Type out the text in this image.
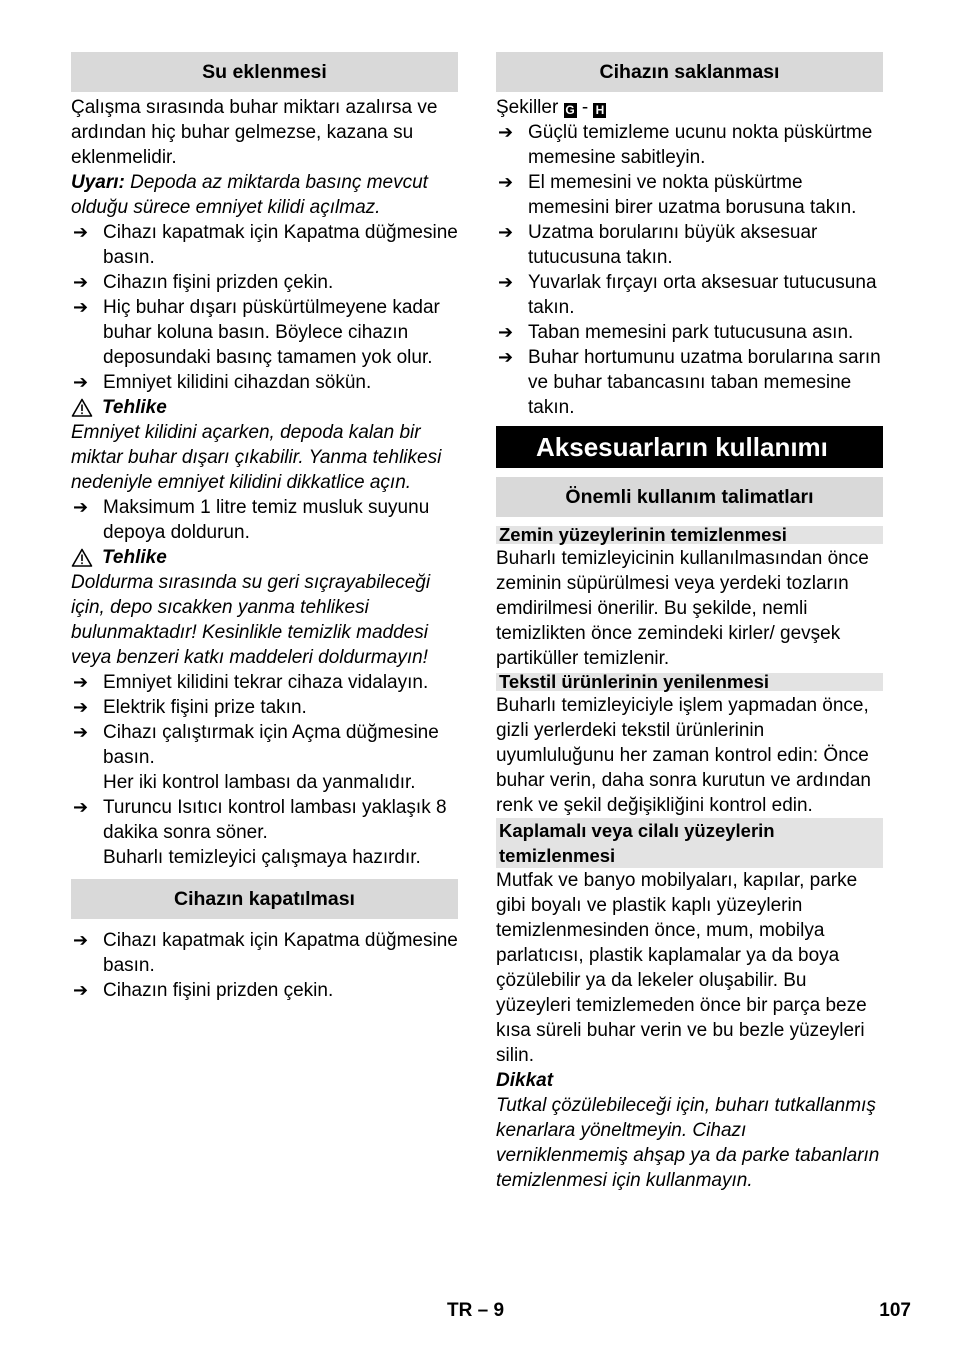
Su eklenmesi

Çalışma sırasında buhar miktarı azalırsa ve ardından hiç buhar gelmezse, kazana su eklenmelidir.

Uyarı: Depoda az miktarda basınç mevcut olduğu sürece emniyet kilidi açılmaz.

➔ Cihazı kapatmak için Kapatma düğmesine basın.
➔ Cihazın fişini prizden çekin.
➔ Hiç buhar dışarı püskürtülmeyene kadar buhar koluna basın. Böylece cihazın deposundaki basınç tamamen yok olur.
➔ Emniyet kilidini cihazdan sökün.
Tehlike

Emniyet kilidini açarken, depoda kalan bir miktar buhar dışarı çıkabilir. Yanma tehlikesi nedeniyle emniyet kilidini dikkatlice açın.

➔ Maksimum 1 litre temiz musluk suyunu depoya doldurun.
Tehlike

Doldurma sırasında su geri sıçrayabileceği için, depo sıcakken yanma tehlikesi bulunmaktadır! Kesinlikle temizlik maddesi veya benzeri katkı maddeleri doldurmayın!

➔ Emniyet kilidini tekrar cihaza vidalayın.
➔ Elektrik fişini prize takın.
➔ Cihazı çalıştırmak için Açma düğmesine basın.

Her iki kontrol lambası da yanmalıdır.

➔ Turuncu Isıtıcı kontrol lambası yaklaşık 8 dakika sonra söner.

Buharlı temizleyici çalışmaya hazırdır.

Cihazın kapatılması
➔ Cihazı kapatmak için Kapatma düğmesine basın.
➔ Cihazın fişini prizden çekin.
Cihazın saklanması

Şekiller G - H

➔ Güçlü temizleme ucunu nokta püskürtme memesine sabitleyin.
➔ El memesini ve nokta püskürtme memesini birer uzatma borusuna takın.
➔ Uzatma borularını büyük aksesuar tutucusuna takın.
➔ Yuvarlak fırçayı orta aksesuar tutucusuna takın.
➔ Taban memesini park tutucusuna asın.
➔ Buhar hortumunu uzatma borularına sarın ve buhar tabancasını taban memesine takın.
Aksesuarların kullanımı
Önemli kullanım talimatları
Zemin yüzeylerinin temizlenmesi

Buharlı temizleyicinin kullanılmasından önce zeminin süpürülmesi veya yerdeki tozların emdirilmesi önerilir. Bu şekilde, nemli temizlikten önce zemindeki kirler/ gevşek partiküller temizlenir.

Tekstil ürünlerinin yenilenmesi

Buharlı temizleyiciyle işlem yapmadan önce, gizli yerlerdeki tekstil ürünlerinin uyumluluğunu her zaman kontrol edin: Önce buhar verin, daha sonra kurutun ve ardından renk ve şekil değişikliğini kontrol edin.

Kaplamalı veya cilalı yüzeylerin temizlenmesi

Mutfak ve banyo mobilyaları, kapılar, parke gibi boyalı ve plastik kaplı yüzeylerin temizlenmesinden önce, mum, mobilya parlatıcısı, plastik kaplamalar ya da boya çözülebilir ya da lekeler oluşabilir. Bu yüzeyleri temizlemeden önce bir parça beze kısa süreli buhar verin ve bu bezle yüzeyleri silin.

Dikkat

Tutkal çözülebileceği için, buharı tutkallanmış kenarlara yöneltmeyin. Cihazı verniklenmemiş ahşap ya da parke tabanların temizlenmesi için kullanmayın.

TR – 9	107
